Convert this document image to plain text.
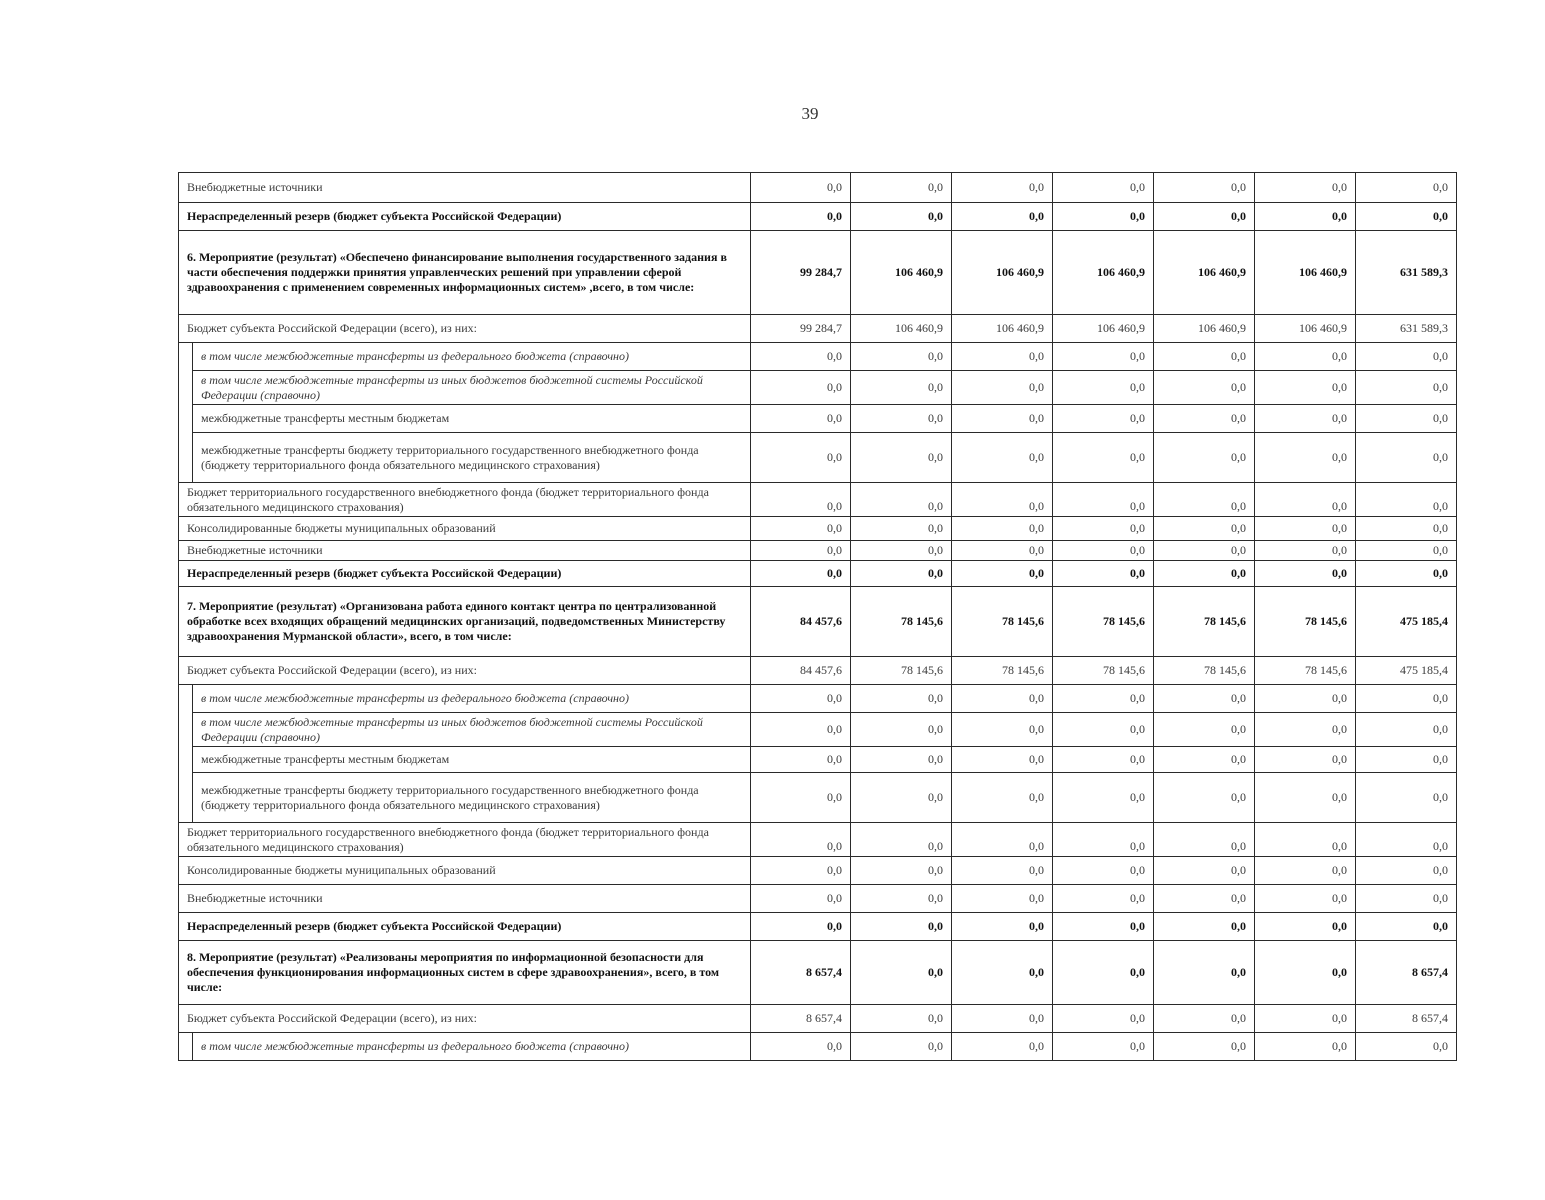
39
Внебюджетные источники		0,0	0,0	0,0	0,0	0,0	0,0	0,0
Нераспределенный резерв (бюджет субъекта Российской Федерации)		0,0	0,0	0,0	0,0	0,0	0,0	0,0
6. Мероприятие (результат) «Обеспечено финансирование выполнения государственного задания в части обеспечения поддержки принятия управленческих решений при управлении сферой здравоохранения с применением современных информационных систем» ,всего, в том числе:		99 284,7	106 460,9	106 460,9	106 460,9	106 460,9	106 460,9	631 589,3
Бюджет субъекта Российской Федерации (всего), из них:		99 284,7	106 460,9	106 460,9	106 460,9	106 460,9	106 460,9	631 589,3
	в том числе межбюджетные трансферты из федерального бюджета (справочно)	0,0	0,0	0,0	0,0	0,0	0,0	0,0
	в том числе межбюджетные трансферты из иных бюджетов бюджетной системы Российской Федерации (справочно)	0,0	0,0	0,0	0,0	0,0	0,0	0,0
	межбюджетные трансферты местным бюджетам	0,0	0,0	0,0	0,0	0,0	0,0	0,0
	межбюджетные трансферты бюджету территориального государственного внебюджетного фонда (бюджету территориального фонда обязательного медицинского страхования)	0,0	0,0	0,0	0,0	0,0	0,0	0,0
Бюджет территориального государственного внебюджетного фонда (бюджет территориального фонда обязательного медицинского страхования)		0,0	0,0	0,0	0,0	0,0	0,0	0,0
Консолидированные бюджеты муниципальных образований		0,0	0,0	0,0	0,0	0,0	0,0	0,0
Внебюджетные источники		0,0	0,0	0,0	0,0	0,0	0,0	0,0
Нераспределенный резерв (бюджет субъекта Российской Федерации)		0,0	0,0	0,0	0,0	0,0	0,0	0,0
7. Мероприятие (результат) «Организована работа единого контакт центра по централизованной обработке всех входящих обращений медицинских организаций, подведомственных Министерству здравоохранения Мурманской области», всего, в том числе:		84 457,6	78 145,6	78 145,6	78 145,6	78 145,6	78 145,6	475 185,4
Бюджет субъекта Российской Федерации (всего), из них:		84 457,6	78 145,6	78 145,6	78 145,6	78 145,6	78 145,6	475 185,4
	в том числе межбюджетные трансферты из федерального бюджета (справочно)	0,0	0,0	0,0	0,0	0,0	0,0	0,0
	в том числе межбюджетные трансферты из иных бюджетов бюджетной системы Российской Федерации (справочно)	0,0	0,0	0,0	0,0	0,0	0,0	0,0
	межбюджетные трансферты местным бюджетам	0,0	0,0	0,0	0,0	0,0	0,0	0,0
	межбюджетные трансферты бюджету территориального государственного внебюджетного фонда (бюджету территориального фонда обязательного медицинского страхования)	0,0	0,0	0,0	0,0	0,0	0,0	0,0
Бюджет территориального государственного внебюджетного фонда (бюджет территориального фонда обязательного медицинского страхования)		0,0	0,0	0,0	0,0	0,0	0,0	0,0
Консолидированные бюджеты муниципальных образований		0,0	0,0	0,0	0,0	0,0	0,0	0,0
Внебюджетные источники		0,0	0,0	0,0	0,0	0,0	0,0	0,0
Нераспределенный резерв (бюджет субъекта Российской Федерации)		0,0	0,0	0,0	0,0	0,0	0,0	0,0
8. Мероприятие (результат) «Реализованы мероприятия по информационной безопасности для обеспечения функционирования информационных систем в сфере здравоохранения», всего, в том числе:		8 657,4	0,0	0,0	0,0	0,0	0,0	8 657,4
Бюджет субъекта Российской Федерации (всего), из них:		8 657,4	0,0	0,0	0,0	0,0	0,0	8 657,4
	в том числе межбюджетные трансферты из федерального бюджета (справочно)	0,0	0,0	0,0	0,0	0,0	0,0	0,0
